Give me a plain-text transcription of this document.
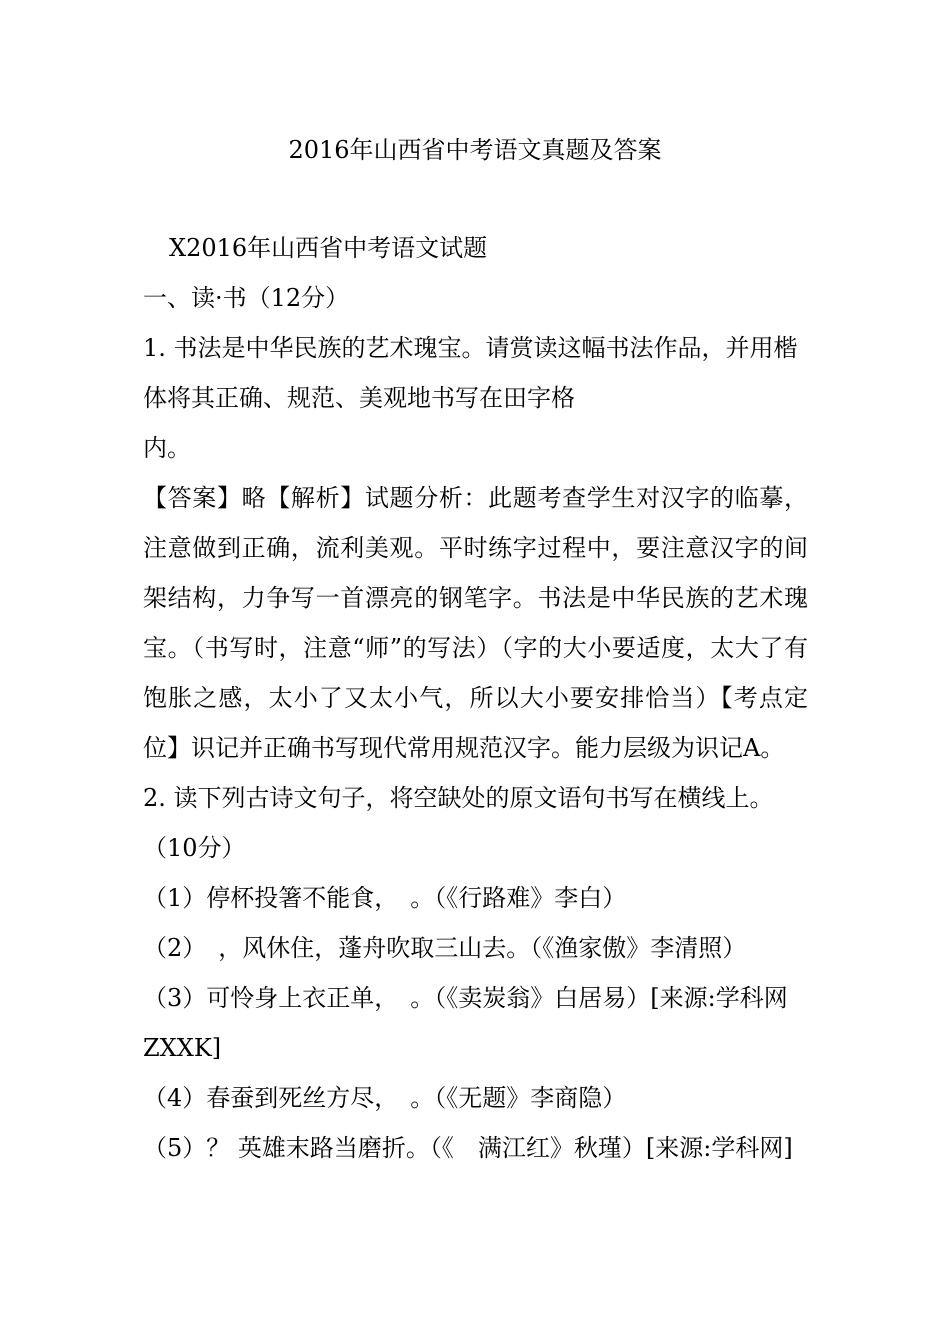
2016年山西省中考语文真题及答案

X2016年山西省中考语文试题

一、读·书（12分）

1. 书法是中华民族的艺术瑰宝。请赏读这幅书法作品，并用楷体将其正确、规范、美观地书写在田字格

内。

【答案】略【解析】试题分析：此题考查学生对汉字的临摹，注意做到正确，流利美观。平时练字过程中，要注意汉字的间架结构，力争写一首漂亮的钢笔字。书法是中华民族的艺术瑰宝。（书写时，注意“师”的写法）（字的大小要适度，太大了有饱胀之感，太小了又太小气，所以大小要安排恰当）【考点定位】识记并正确书写现代常用规范汉字。能力层级为识记A。

2. 读下列古诗文句子，将空缺处的原文语句书写在横线上。（10分）

（1）停杯投箸不能食，　。（《行路难》李白）

（2）　，风休住，蓬舟吹取三山去。（《渔家傲》李清照）

（3）可怜身上衣正单，　。（《卖炭翁》白居易）[来源:学科网ZXXK]

（4）春蚕到死丝方尽，　。（《无题》李商隐）

（5）？ 英雄末路当磨折。（《　满江红》秋瑾）[来源:学科网]
